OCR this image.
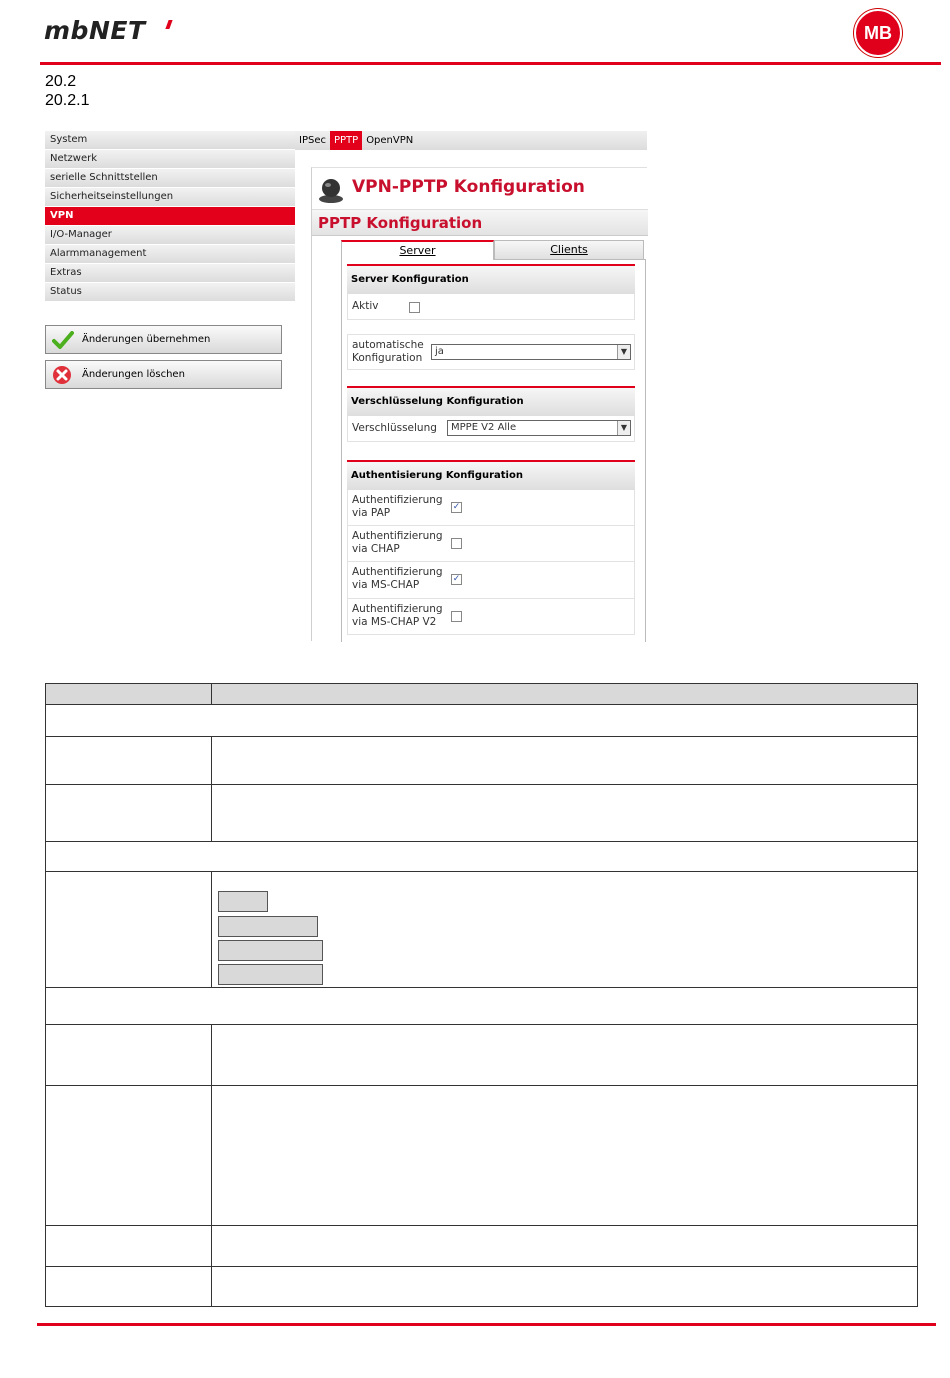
mbNET	MB
20.2
20.2.1
System
Netzwerk
serielle Schnittstellen
Sicherheitseinstellungen
VPN
I/O-Manager
Alarmmanagement
Extras
Status
Änderungen übernehmen
Änderungen löschen
IPSec PPTP OpenVPN
VPN-PPTP Konfiguration
PPTP Konfiguration
Server	Clients
Server Konfiguration
Aktiv
automatische
Konfiguration
ja	▼
Verschlüsselung Konfiguration
Verschlüsselung	MPPE V2 Alle	▼
Authentisierung Konfiguration
Authentifizierung
via PAP	✓
Authentifizierung
via CHAP
Authentifizierung
via MS-CHAP	✓
Authentifizierung
via MS-CHAP V2
